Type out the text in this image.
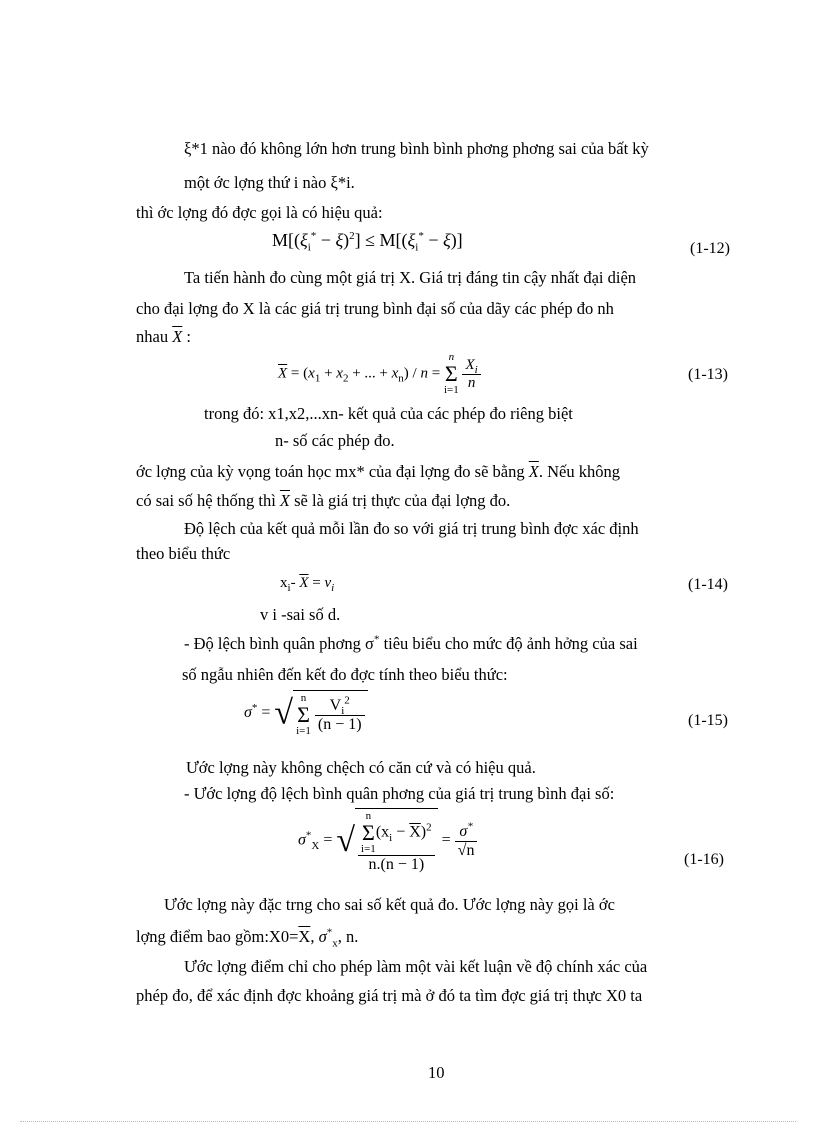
ξ*1 nào đó không lớn hơn trung bình bình phơng phơng sai của bất kỳ
một ớc lợng thứ i nào ξ*i.
thì ớc lợng đó đợc gọi là có hiệu quả:
$M[(\xi_i^* - \xi)^2] \le M[(\xi_i^* - \xi)]$	(1-12)
Ta tiến hành đo cùng một giá trị X. Giá trị đáng tin cậy nhất đại diện
cho đại lợng đo X là các giá trị trung bình đại số của dãy các phép đo nh
nhau $\overline{X}$ :
$\overline{X} = (x_1 + x_2$ + ... + $x_n) / n = n$
Σ
$i=1 \frac{X_i}{n}$	(1-13)
trong đó: x1,x2,...xn- kết quả của các phép đo riêng biệt
n- số các phép đo.
ớc lợng của kỳ vọng toán học mx* của đại lợng đo sẽ bằng $\overline{X}$. Nếu không
có sai số hệ thống thì $\overline{X}$ sẽ là giá trị thực của đại lợng đo.
Độ lệch của kết quả mỗi lần đo so với giá trị trung bình đợc xác định
theo biểu thức
$x_i-$ $\overline{X} = v_i$	(1-14)
v i -sai số d.
- Độ lệch bình quân phơng σ* tiêu biểu cho mức độ ảnh hởng của sai
số ngẫu nhiên đến kết đo đợc tính theo biểu thức:
σ* = √ n
Σ
$i=1 \frac{V_i^2}{(n - 1)}$	(1-15)
Ước lợng này không chệch có căn cứ và có hiệu quả.
- Ước lợng độ lệch bình quân phơng của giá trị trung bình đại số:
$\sigma^*_X$ = √ n
Σ
$i=1(x_i - \overline{X})^2$
$n.(n - 1) = \frac{\sigma^*}{√n}$	(1-16)
Ước lợng này đặc trng cho sai số kết quả đo. Ước lợng này gọi là ớc
lợng điểm bao $gồm:X0=\overline{X}$, $\sigma^*_x$, n.
Ước lợng điểm chỉ cho phép làm một vài kết luận về độ chính xác của
phép đo, để xác định đợc khoảng giá trị mà ở đó ta tìm đợc giá trị thực X0 ta
10
